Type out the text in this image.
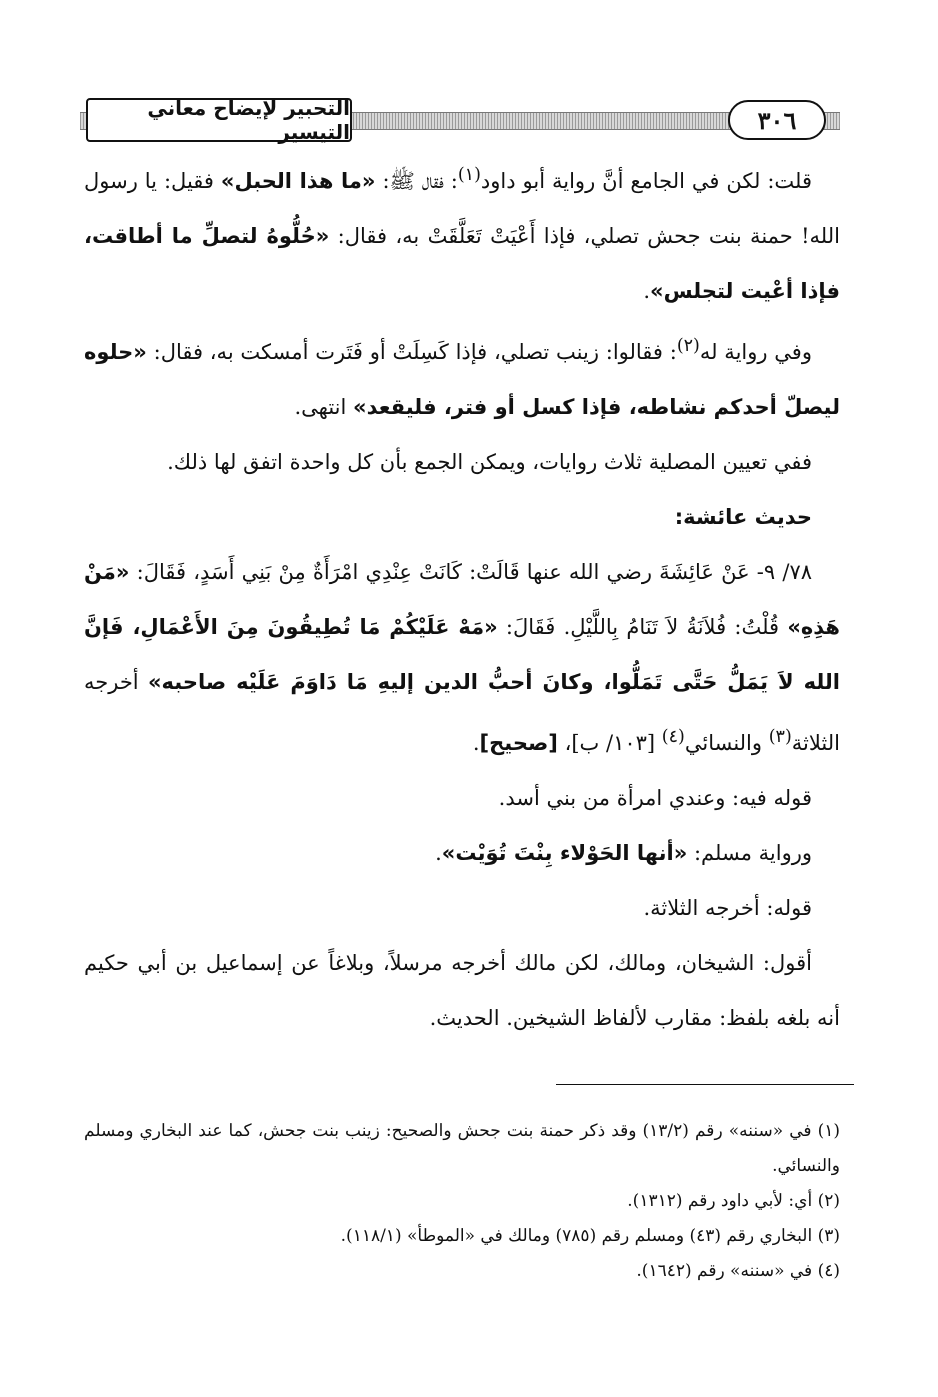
التحبير لإيضاح معاني التيسير	٣٠٦

قلت: لكن في الجامع أنَّ رواية أبو داود$^{(١)}$: فقال ﷺ: «ما هذا الحبل» فقيل: يا رسول الله! حمنة بنت جحش تصلي، فإذا أَعْيَتْ تَعَلَّقَتْ به، فقال: «حُلُّوهُ لتصلِّ ما أطاقت، فإذا أعْيت لتجلس».

وفي رواية له$^{(٢)}$: فقالوا: زينب تصلي، فإذا كَسِلَتْ أو فَتَرت أمسكت به، فقال: «حلوه ليصلّ أحدكم نشاطه، فإذا كسل أو فتر، فليقعد» انتهى.

ففي تعيين المصلية ثلاث روايات، ويمكن الجمع بأن كل واحدة اتفق لها ذلك.

حديث عائشة:

٧٨/ ٩- عَنْ عَائِشَةَ رضي الله عنها قَالَتْ: كَانَتْ عِنْدِي امْرَأَةٌ مِنْ بَنِي أَسَدٍ، فَقَالَ: «مَنْ هَذِهِ» قُلْتُ: فُلاَنَةُ لاَ تَنَامُ بِاللَّيْلِ. فَقَالَ: «مَهْ عَلَيْكُمْ مَا تُطِيقُونَ مِنَ الأَعْمَالِ، فَإنَّ الله لاَ يَمَلُّ حَتَّى تَمَلُّوا، وكانَ أحبُّ الدين إليهِ مَا دَاوَمَ عَلَيْه صاحبه» أخرجه الثلاثة$^{(٣)}$ والنسائي$^{(٤)}$ [١٠٣/ ب]، [صحيح].

قوله فيه: وعندي امرأة من بني أسد.

ورواية مسلم: «أنها الحَوْلاء بِنْتَ تُوَيْت».

قوله: أخرجه الثلاثة.

أقول: الشيخان، ومالك، لكن مالك أخرجه مرسلاً، وبلاغاً عن إسماعيل بن أبي حكيم أنه بلغه بلفظ: مقارب لألفاظ الشيخين. الحديث.

(١) في «سننه» رقم (١٣/٢) وقد ذكر حمنة بنت جحش والصحيح: زينب بنت جحش، كما عند البخاري ومسلم والنسائي.

(٢) أي: لأبي داود رقم (١٣١٢).

(٣) البخاري رقم (٤٣) ومسلم رقم (٧٨٥) ومالك في «الموطأ» (١١٨/١).

(٤) في «سننه» رقم (١٦٤٢).
